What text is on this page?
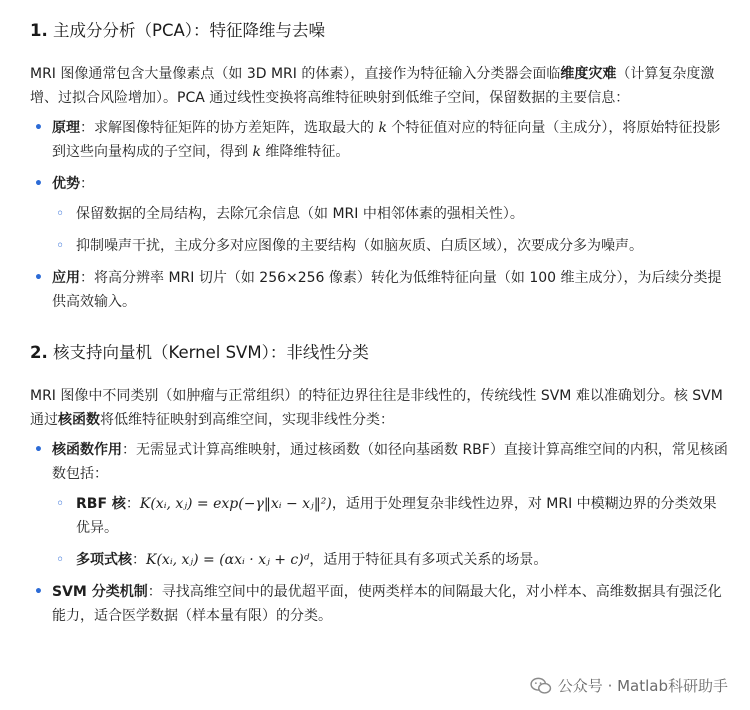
1. 主成分分析（PCA）：特征降维与去噪

MRI 图像通常包含大量像素点（如 3D MRI 的体素），直接作为特征输入分类器会面临维度灾难（计算复杂度激增、过拟合风险增加）。PCA 通过线性变换将高维特征映射到低维子空间，保留数据的主要信息：

• 原理：求解图像特征矩阵的协方差矩阵，选取最大的 k 个特征值对应的特征向量（主成分），将原始特征投影到这些向量构成的子空间，得到 k 维降维特征。
• 优势：
◦ 保留数据的全局结构，去除冗余信息（如 MRI 中相邻体素的强相关性）。
◦ 抑制噪声干扰，主成分多对应图像的主要结构（如脑灰质、白质区域），次要成分多为噪声。
• 应用：将高分辨率 MRI 切片（如 256×256 像素）转化为低维特征向量（如 100 维主成分），为后续分类提供高效输入。
2. 核支持向量机（Kernel SVM）：非线性分类

MRI 图像中不同类别（如肿瘤与正常组织）的特征边界往往是非线性的，传统线性 SVM 难以准确划分。核 SVM 通过核函数将低维特征映射到高维空间，实现非线性分类：

• 核函数作用：无需显式计算高维映射，通过核函数（如径向基函数 RBF）直接计算高维空间的内积，常见核函数包括：
◦ RBF 核：K(xᵢ, xⱼ) = exp(−γ‖xᵢ − xⱼ‖²)，适用于处理复杂非线性边界，对 MRI 中模糊边界的分类效果优异。
◦ 多项式核：K(xᵢ, xⱼ) = (αxᵢ · xⱼ + c)ᵈ，适用于特征具有多项式关系的场景。
• SVM 分类机制：寻找高维空间中的最优超平面，使两类样本的间隔最大化，对小样本、高维数据具有强泛化能力，适合医学数据（样本量有限）的分类。
公众号 · Matlab科研助手
